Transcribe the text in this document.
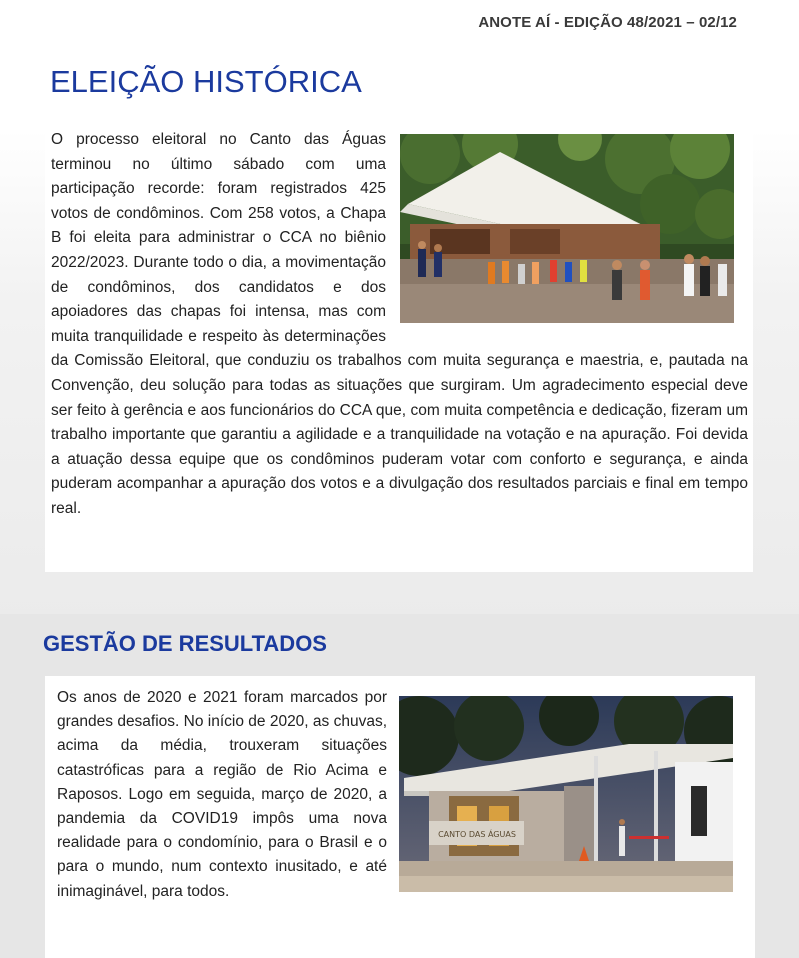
ANOTE AÍ - EDIÇÃO 48/2021 – 02/12
ELEIÇÃO HISTÓRICA
O processo eleitoral no Canto das Águas terminou no último sábado com uma participação recorde: foram registrados 425 votos de condôminos. Com 258 votos, a Chapa B foi eleita para administrar o CCA no biênio 2022/2023. Durante todo o dia, a movimentação de condôminos, dos candidatos e dos apoiadores das chapas foi intensa, mas com muita tranquilidade e respeito às determinações da Comissão Eleitoral, que conduziu os trabalhos com muita segurança e maestria, e, pautada na Convenção, deu solução para todas as situações que surgiram. Um agradecimento especial deve ser feito à gerência e aos funcionários do CCA que, com muita competência e dedicação, fizeram um trabalho importante que garantiu a agilidade e a tranquilidade na votação e na apuração. Foi devida a atuação dessa equipe que os condôminos puderam votar com conforto e segurança, e ainda puderam acompanhar a apuração dos votos e a divulgação dos resultados parciais e final em tempo real.
GESTÃO DE RESULTADOS
Os anos de 2020 e 2021 foram marcados por grandes desafios. No início de 2020, as chuvas, acima da média, trouxeram situações catastróficas para a região de Rio Acima e Raposos. Logo em seguida, março de 2020, a pandemia da COVID19 impôs uma nova realidade para o condomínio, para o Brasil e o para o mundo, num contexto inusitado, e até inimaginável, para todos.
CANTO DAS ÁGUAS
